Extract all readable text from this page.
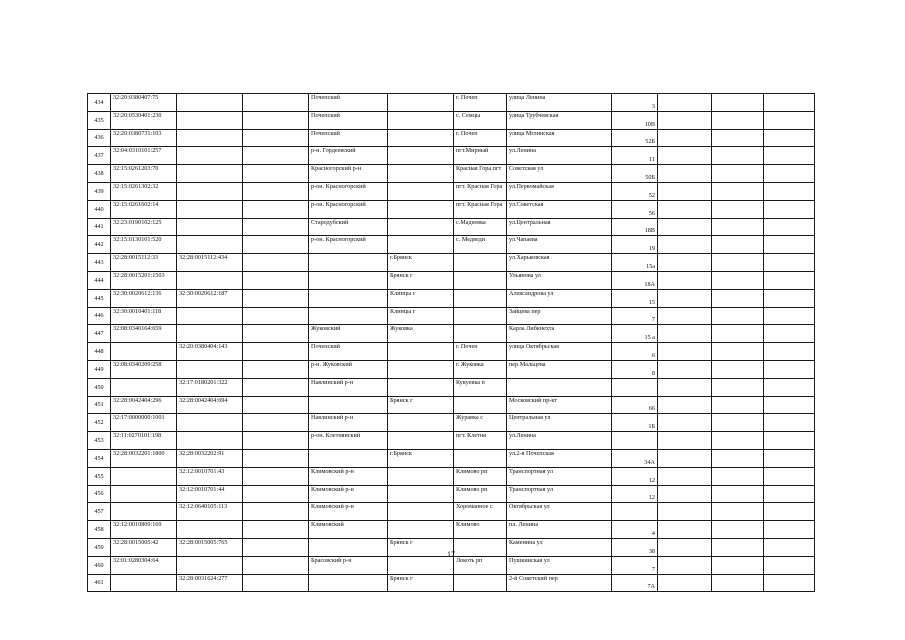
434	32:20:0380407:75			Почепский		г. Почеп	улица Ленина	3			
435	32:20:0530401:230			Почепский		с. Семцы	улица Трубчевская	10В			
436	32:20:0380731:103			Почепский		г. Почеп	улица Мглинская	52Б			
437	32:04:0310101:257			р-н. Гордеевский		пгт.Мирный	ул.Ленина	11			
438	32:15:0261203:70			Красногорский р-н		Красная Гора пгт	Советская ул	50Б			
439	32:15:0261302:32			р-он. Красногорский		пгт. Красная Гора	ул.Первомайская	52			
440	32:15:0261602:14			р-он. Красногорский		пгт. Красная Гора	ул.Советская	56			
441	32:23:0190102:125			Стародубский		с.Мадеевка	ул.Центральная	18В			
442	32:15:0130101:520			р-он. Красногорский		с. Медведи	ул.Чапаева	19			
443	32:28:0015112:33	32:28:0015112:434			г.Брянск		ул.Харьковская	15а			
444	32:28:0015201:1503				Брянск г		Ульянова ул	18А			
445	32:30:0020612:136	32:30:0020612:187			Клинцы г		Александрова ул	15			
446	32:30:0010401:118				Клинцы г		Зайцева пер	7			
447	32:08:0340164:659			Жуковский	Жуковка		Карла Либкнехта	15 а			
448		32:20:0380404:143		Почепский		г. Почеп	улица Октябрьская	6			
449	32:08:0340209:258			р-н. Жуковский		г. Жуковка	пер.Мальцева	8			
450		32:17:0180201:322		Навлинский р-н		Кукуевка п					
451	32:28:0042404:296	32:28:0042404:694			Брянск г		Московский пр-кт	66			
452	32:17:0000000:1001			Навлинский р-н		Журавка с	Центральная ул	1Б			
453	32:11:0270101:198			р-он. Клетнянский		пгт. Клетня	ул.Ленина				
454	32:28:0032201:1800	32:28:0032202:91			г.Брянск		ул.2-я Почепская	34А			
455		32:12:0010701:43		Климовский р-н		Климово рп	Транспортная ул	12			
456		32:12:0010701:44		Климовский р-н		Климово рп	Транспортная ул	12			
457		32:12:0640105:113		Климовский р-н		Хороманное с	Октябрьская ул				
458	32:12:0010809:169			Климовский		Климово	пл. Ленина	4			
459	32:28:0015005:42	32:28:0015005:765			Брянск г		Каменина ул	38			
460	32:01:0280304:64			Брасовский р-н		Локоть рп	Пушкинская ул	7			
461		32:28:0031624:277			Брянск г		2-й Советский пер	7А			
17
